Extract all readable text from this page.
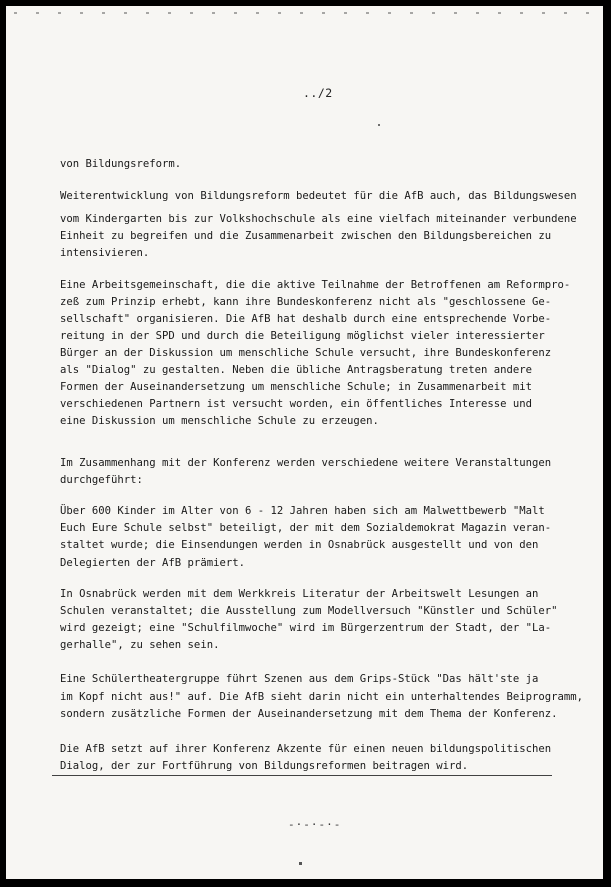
../2

von Bildungsreform.

Weiterentwicklung von Bildungsreform bedeutet für die AfB auch, das Bildungswesen

vom Kindergarten bis zur Volkshochschule als eine vielfach miteinander verbundene

Einheit zu begreifen und die Zusammenarbeit zwischen den Bildungsbereichen zu

intensivieren.

Eine Arbeitsgemeinschaft, die die aktive Teilnahme der Betroffenen am Reformpro-

zeß zum Prinzip erhebt, kann ihre Bundeskonferenz nicht als "geschlossene Ge-

sellschaft" organisieren. Die AfB hat deshalb durch eine entsprechende Vorbe-

reitung in der SPD und durch die Beteiligung möglichst vieler interessierter

Bürger an der Diskussion um menschliche Schule versucht, ihre Bundeskonferenz

als "Dialog" zu gestalten. Neben die übliche Antragsberatung treten andere

Formen der Auseinandersetzung um menschliche Schule; in Zusammenarbeit mit

verschiedenen Partnern ist versucht worden, ein öffentliches Interesse und

eine Diskussion um menschliche Schule zu erzeugen.

Im Zusammenhang mit der Konferenz werden verschiedene weitere Veranstaltungen

durchgeführt:

Über 600 Kinder im Alter von 6 - 12 Jahren haben sich am Malwettbewerb "Malt

Euch Eure Schule selbst" beteiligt, der mit dem Sozialdemokrat Magazin veran-

staltet wurde; die Einsendungen werden in Osnabrück ausgestellt und von den

Delegierten der AfB prämiert.

In Osnabrück werden mit dem Werkkreis Literatur der Arbeitswelt Lesungen an

Schulen veranstaltet; die Ausstellung zum Modellversuch "Künstler und Schüler"

wird gezeigt; eine "Schulfilmwoche" wird im Bürgerzentrum der Stadt, der "La-

gerhalle", zu sehen sein.

Eine Schülertheatergruppe führt Szenen aus dem Grips-Stück "Das hält'ste ja

im Kopf nicht aus!" auf. Die AfB sieht darin nicht ein unterhaltendes Beiprogramm,

sondern zusätzliche Formen der Auseinandersetzung mit dem Thema der Konferenz.

Die AfB setzt auf ihrer Konferenz Akzente für einen neuen bildungspolitischen

Dialog, der zur Fortführung von Bildungsreformen beitragen wird.

-·-·-·-
